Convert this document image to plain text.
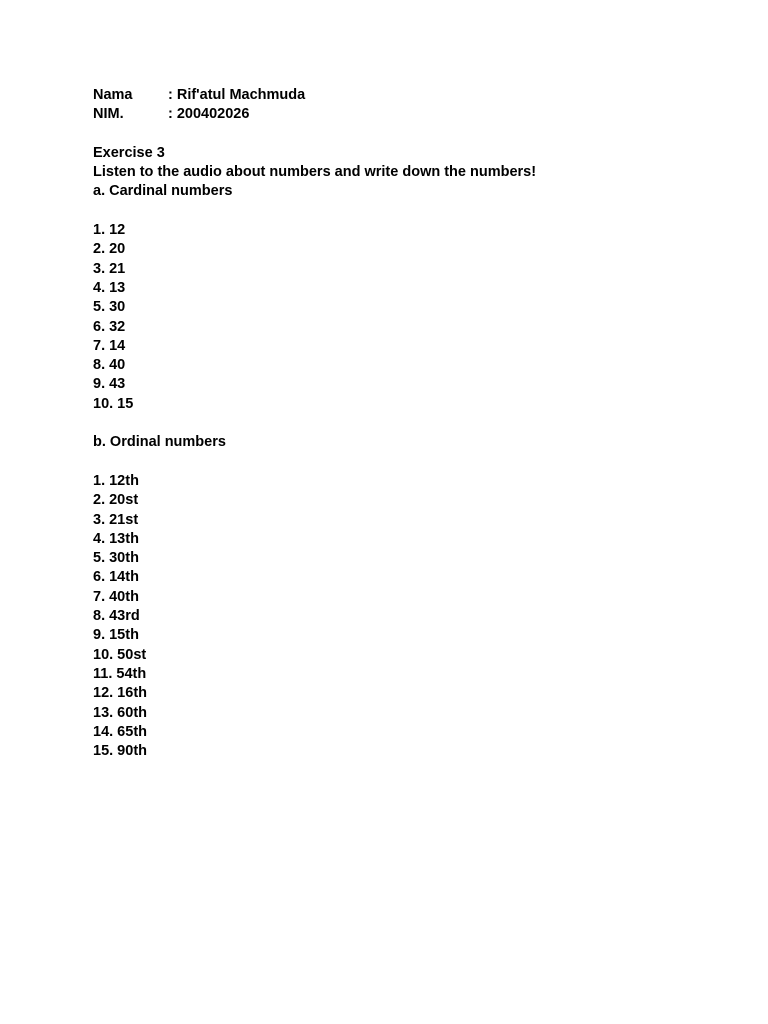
Nama	: Rif'atul Machmuda
NIM.	: 200402026
Exercise 3
Listen to the audio about numbers and write down the numbers!
a. Cardinal numbers
1. 12
2. 20
3. 21
4. 13
5. 30
6. 32
7. 14
8. 40
9. 43
10. 15
b. Ordinal numbers
1. 12th
2. 20st
3. 21st
4. 13th
5. 30th
6. 14th
7. 40th
8. 43rd
9. 15th
10. 50st
11. 54th
12. 16th
13. 60th
14. 65th
15. 90th
